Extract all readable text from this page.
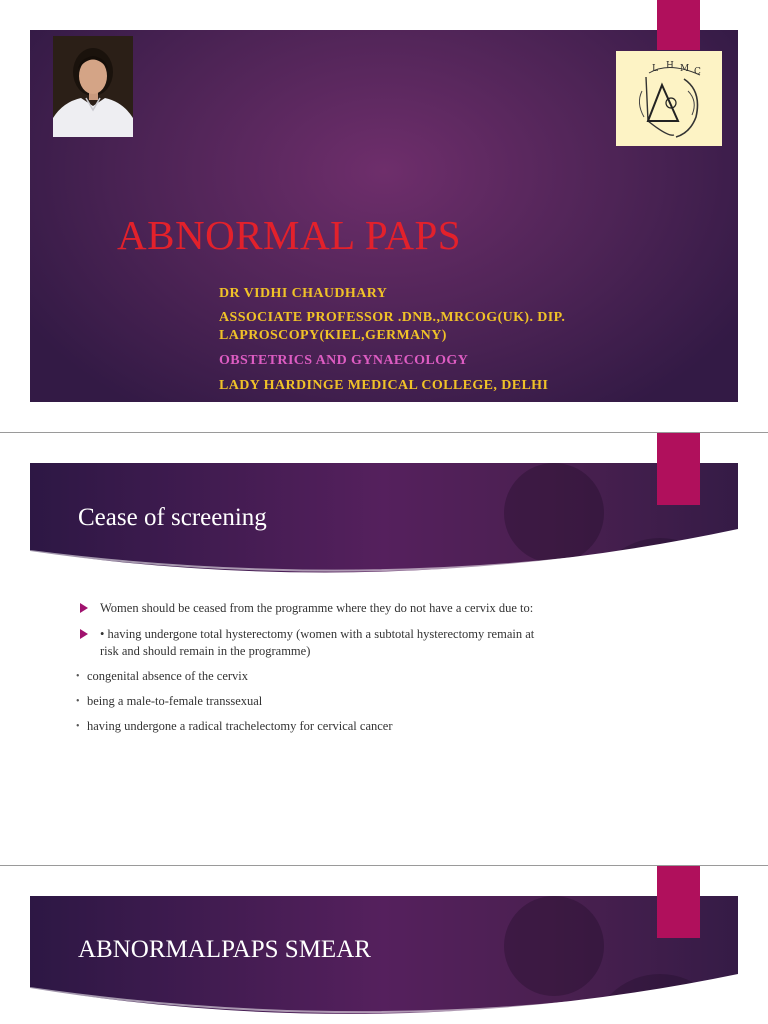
L H M C
ABNORMAL PAPS
DR VIDHI CHAUDHARY
ASSOCIATE PROFESSOR .DNB.,MRCOG(UK). DIP.
LAPROSCOPY(KIEL,GERMANY)
OBSTETRICS AND GYNAECOLOGY
LADY HARDINGE MEDICAL COLLEGE, DELHI
Cease of screening
Women should be ceased from the programme where they do not have a cervix due to:
• having undergone total hysterectomy (women with a subtotal hysterectomy remain at
risk and should remain in the programme)
• congenital absence of the cervix
• being a male-to-female transsexual
• having undergone a radical trachelectomy for cervical cancer
ABNORMALPAPS SMEAR
